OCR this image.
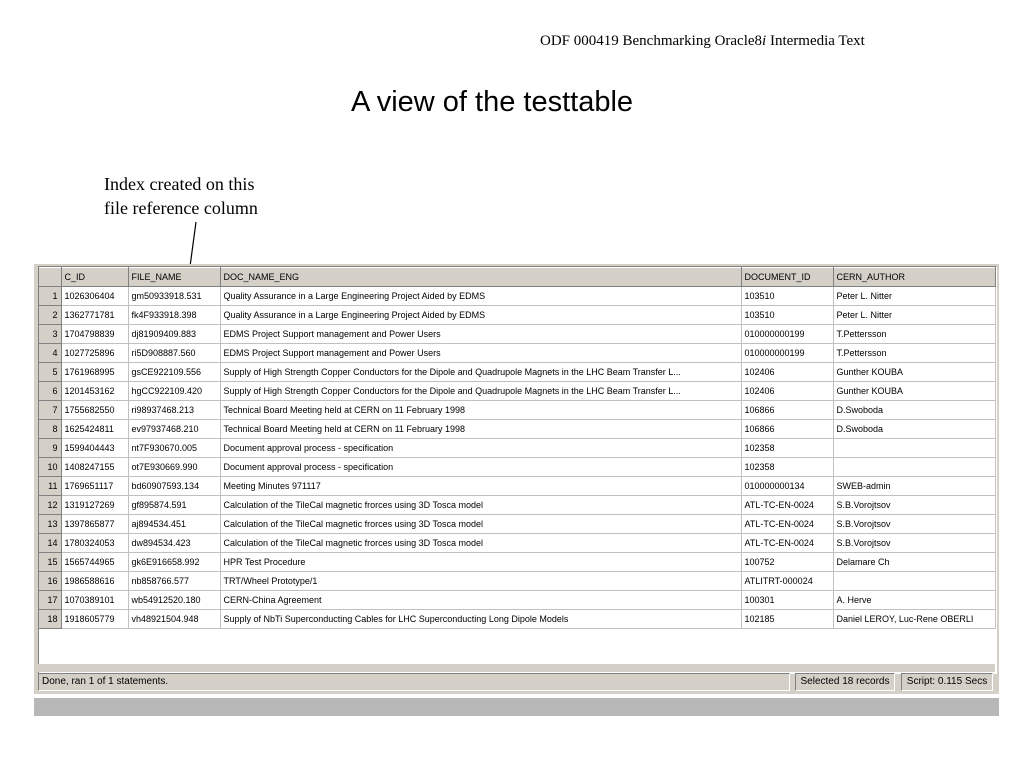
ODF 000419 Benchmarking Oracle8i Intermedia Text
A view of the testtable
Index created on this
file reference column
	C_ID	FILE_NAME	DOC_NAME_ENG	DOCUMENT_ID	CERN_AUTHOR
1	1026306404	gm50933918.531	Quality Assurance in a Large Engineering Project Aided by EDMS	103510	Peter L. Nitter
2	1362771781	fk4F933918.398	Quality Assurance in a Large Engineering Project Aided by EDMS	103510	Peter L. Nitter
3	1704798839	dj81909409.883	EDMS Project Support management and Power Users	010000000199	T.Pettersson
4	1027725896	ri5D908887.560	EDMS Project Support management and Power Users	010000000199	T.Pettersson
5	1761968995	gsCE922109.556	Supply of High Strength Copper Conductors for the Dipole and Quadrupole Magnets in the LHC Beam Transfer L...	102406	Gunther KOUBA
6	1201453162	hgCC922109.420	Supply of High Strength Copper Conductors for the Dipole and Quadrupole Magnets in the LHC Beam Transfer L...	102406	Gunther KOUBA
7	1755682550	ri98937468.213	Technical Board Meeting held at CERN on 11 February 1998	106866	D.Swoboda
8	1625424811	ev97937468.210	Technical Board Meeting held at CERN on 11 February 1998	106866	D.Swoboda
9	1599404443	nt7F930670.005	Document approval process - specification	102358	
10	1408247155	ot7E930669.990	Document approval process - specification	102358	
11	1769651117	bd60907593.134	Meeting Minutes 971117	010000000134	SWEB-admin
12	1319127269	gf895874.591	Calculation of the TileCal magnetic frorces using 3D Tosca model	ATL-TC-EN-0024	S.B.Vorojtsov
13	1397865877	aj894534.451	Calculation of the TileCal magnetic frorces using 3D Tosca model	ATL-TC-EN-0024	S.B.Vorojtsov
14	1780324053	dw894534.423	Calculation of the TileCal magnetic frorces using 3D Tosca model	ATL-TC-EN-0024	S.B.Vorojtsov
15	1565744965	gk6E916658.992	HPR Test Procedure	100752	Delamare Ch
16	1986588616	nb858766.577	TRT/Wheel Prototype/1	ATLITRT-000024	
17	1070389101	wb54912520.180	CERN-China Agreement	100301	A. Herve
18	1918605779	vh48921504.948	Supply of NbTi Superconducting Cables for LHC Superconducting Long Dipole Models	102185	Daniel LEROY, Luc-Rene OBERLI
Done, ran 1 of 1 statements.	Selected 18 records	Script: 0.115 Secs
